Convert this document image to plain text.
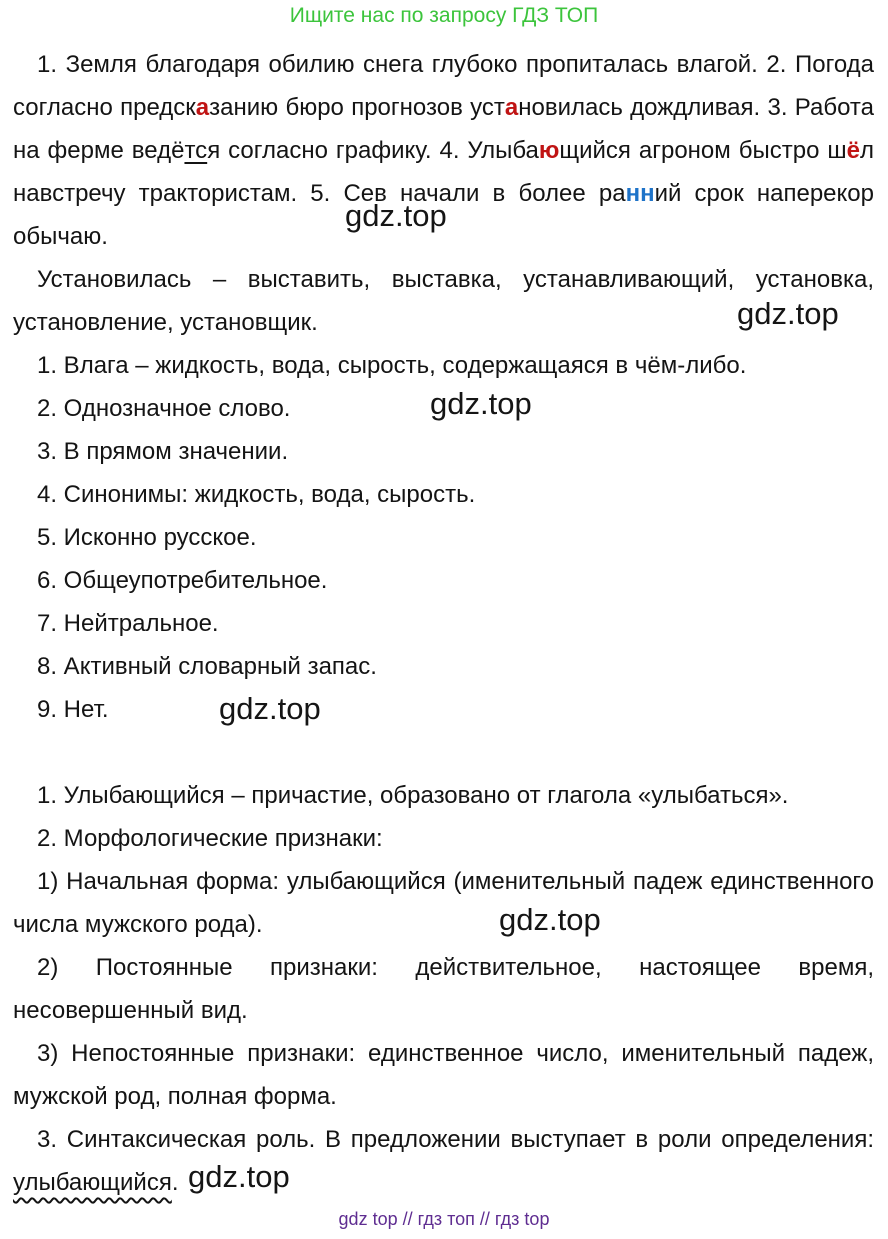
Ищите нас по запросу ГДЗ ТОП

1. Земля благодаря обилию снега глубоко пропиталась влагой. 2. Погода согласно предсказанию бюро прогнозов установилась дождливая. 3. Работа на ферме ведётся согласно графику. 4. Улыбающийся агроном быстро шёл навстречу трактористам. 5. Сев начали в более ранний срок наперекор обычаю.

Установилась – выставить, выставка, устанавливающий, установка, установление, установщик.

1. Влага – жидкость, вода, сырость, содержащаяся в чём-либо.

2. Однозначное слово.

3. В прямом значении.

4. Синонимы: жидкость, вода, сырость.

5. Исконно русское.

6. Общеупотребительное.

7. Нейтральное.

8. Активный словарный запас.

9. Нет.

1. Улыбающийся – причастие, образовано от глагола «улыбаться».

2. Морфологические признаки:

1) Начальная форма: улыбающийся (именительный падеж единственного числа мужского рода).

2) Постоянные признаки: действительное, настоящее время, несовершенный вид.

3) Непостоянные признаки: единственное число, именительный падеж, мужской род, полная форма.

3. Синтаксическая роль. В предложении выступает в роли определения: улыбающийся.

gdz.top
gdz.top
gdz.top
gdz.top
gdz.top
gdz.top
gdz top // гдз топ // гдз top
